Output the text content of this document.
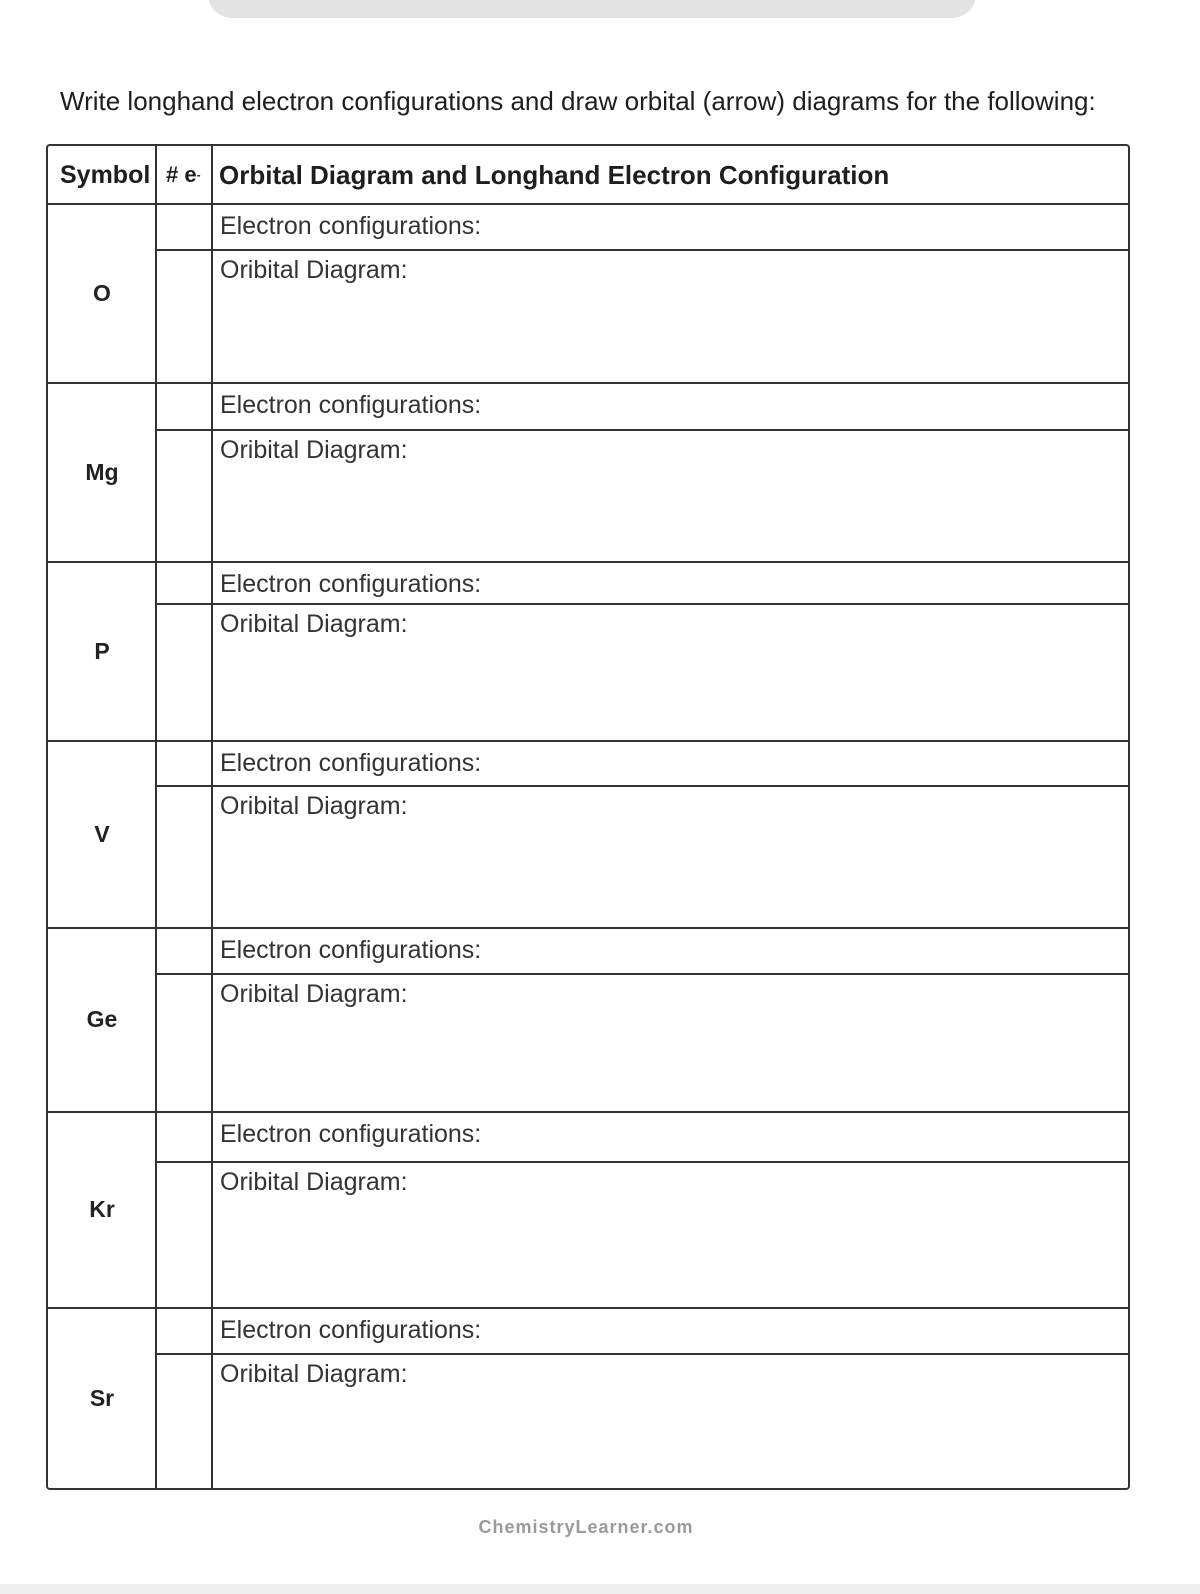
Write longhand electron configurations and draw orbital (arrow) diagrams for the following:
Symbol # e - Orbital Diagram and Longhand Electron Configuration
O
Electron configurations:
Oribital Diagram:
Mg
Electron configurations:
Oribital Diagram:
P
Electron configurations:
Oribital Diagram:
V
Electron configurations:
Oribital Diagram:
Ge
Electron configurations:
Oribital Diagram:
Kr
Electron configurations:
Oribital Diagram:
Sr
Electron configurations:
Oribital Diagram:
ChemistryLearner.com
